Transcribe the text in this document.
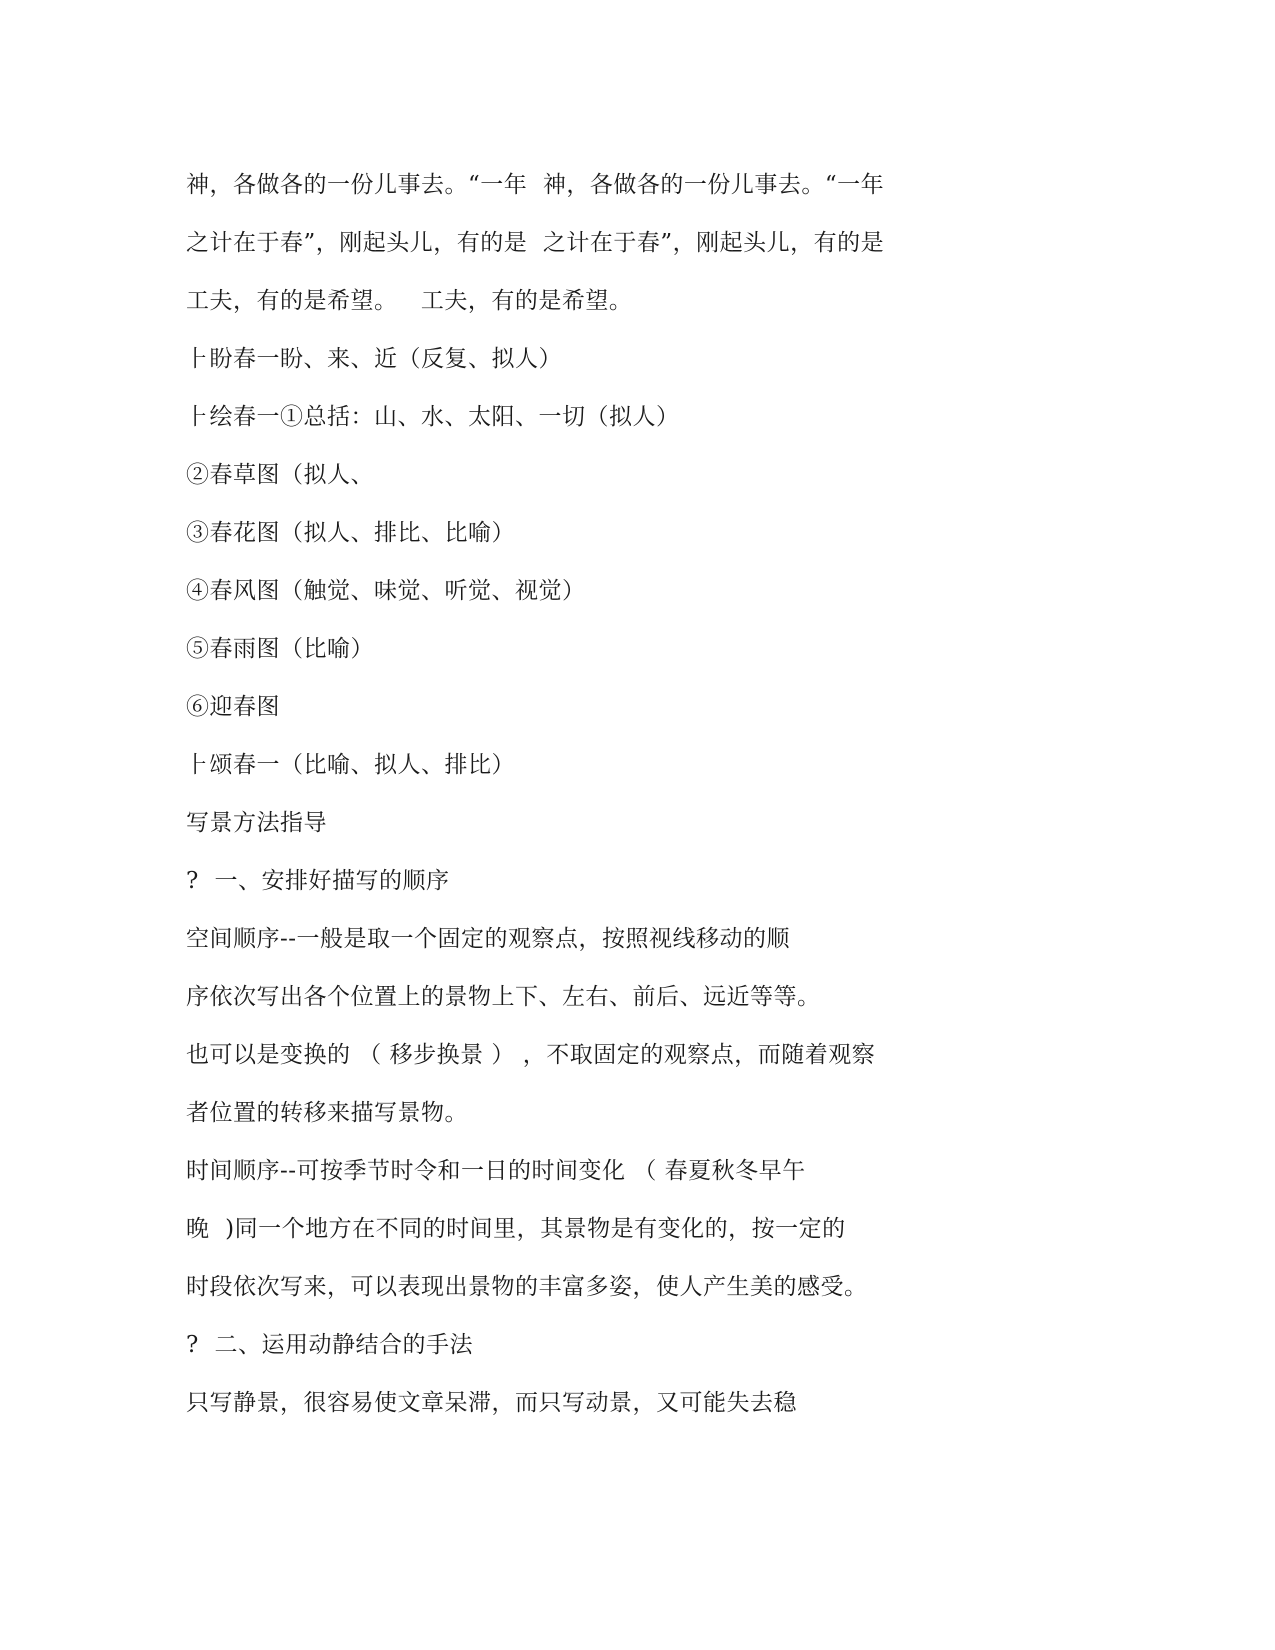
神，各做各的一份儿事去。“一年  神，各做各的一份儿事去。“一年
之计在于春”，刚起头儿，有的是  之计在于春”，刚起头儿，有的是
工夫，有的是希望。   工夫，有的是希望。
⺊盼春一盼、来、近（反复、拟人）
⺊绘春一①总括：山、水、太阳、一切（拟人）
②春草图（拟人、
③春花图（拟人、排比、比喻）
④春风图（触觉、味觉、听觉、视觉）
⑤春雨图（比喻）
⑥迎春图
⺊颂春一（比喻、拟人、排比）
写景方法指导
?  一、安排好描写的顺序
空间顺序--一般是取一个固定的观察点，按照视线移动的顺
序依次写出各个位置上的景物上下、左右、前后、远近等等。
也可以是变换的 （ 移步换景 ） ，不取固定的观察点，而随着观察
者位置的转移来描写景物。
时间顺序--可按季节时令和一日的时间变化 （ 春夏秋冬早午
晚  )同一个地方在不同的时间里，其景物是有变化的，按一定的
时段依次写来，可以表现出景物的丰富多姿，使人产生美的感受。
?  二、运用动静结合的手法
只写静景，很容易使文章呆滞，而只写动景，又可能失去稳
